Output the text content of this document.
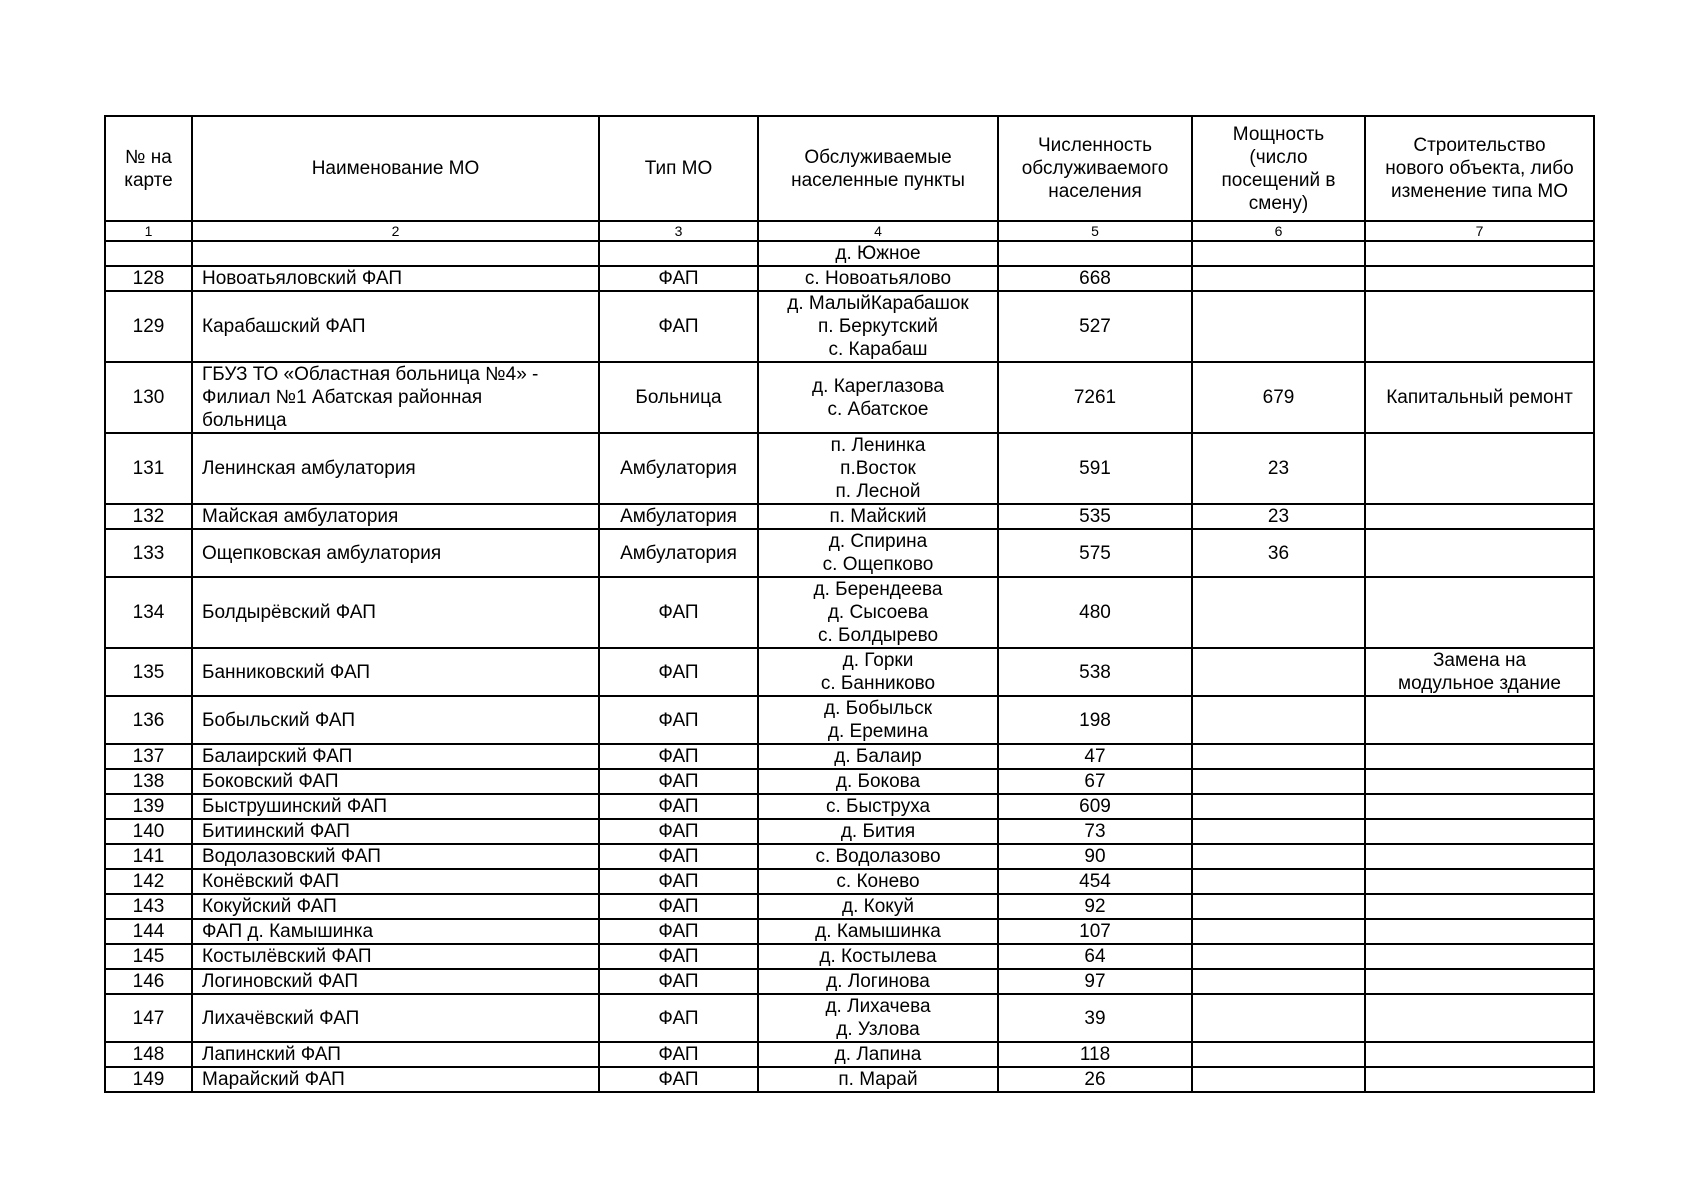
№ на
карте	Наименование МО	Тип МО	Обслуживаемые
населенные пункты	Численность
обслуживаемого
населения	Мощность
(число
посещений в
смену)	Строительство
нового объекта, либо
изменение типа МО
1	2	3	4	5	6	7
			д. Южное			
128	Новоатьяловский ФАП	ФАП	с. Новоатьялово	668		
129	Карабашский ФАП	ФАП	д. МалыйКарабашок
п. Беркутский
с. Карабаш	527		
130	ГБУЗ ТО «Областная больница №4» -
Филиал №1 Абатская районная
больница	Больница	д. Кареглазова
с. Абатское	7261	679	Капитальный ремонт
131	Ленинская амбулатория	Амбулатория	п. Ленинка
п.Восток
п. Лесной	591	23	
132	Майская амбулатория	Амбулатория	п. Майский	535	23	
133	Ощепковская амбулатория	Амбулатория	д. Спирина
с. Ощепково	575	36	
134	Болдырёвский ФАП	ФАП	д. Берендеева
д. Сысоева
с. Болдырево	480		
135	Банниковский ФАП	ФАП	д. Горки
с. Банниково	538		Замена на
модульное здание
136	Бобыльский ФАП	ФАП	д. Бобыльск
д. Еремина	198		
137	Балаирский ФАП	ФАП	д. Балаир	47		
138	Боковский ФАП	ФАП	д. Бокова	67		
139	Быструшинский ФАП	ФАП	с. Быструха	609		
140	Битиинский ФАП	ФАП	д. Бития	73		
141	Водолазовский ФАП	ФАП	с. Водолазово	90		
142	Конёвский ФАП	ФАП	с. Конево	454		
143	Кокуйский ФАП	ФАП	д. Кокуй	92		
144	ФАП д. Камышинка	ФАП	д. Камышинка	107		
145	Костылёвский ФАП	ФАП	д. Костылева	64		
146	Логиновский ФАП	ФАП	д. Логинова	97		
147	Лихачёвский ФАП	ФАП	д. Лихачева
д. Узлова	39		
148	Лапинский ФАП	ФАП	д. Лапина	118		
149	Марайский ФАП	ФАП	п. Марай	26		
